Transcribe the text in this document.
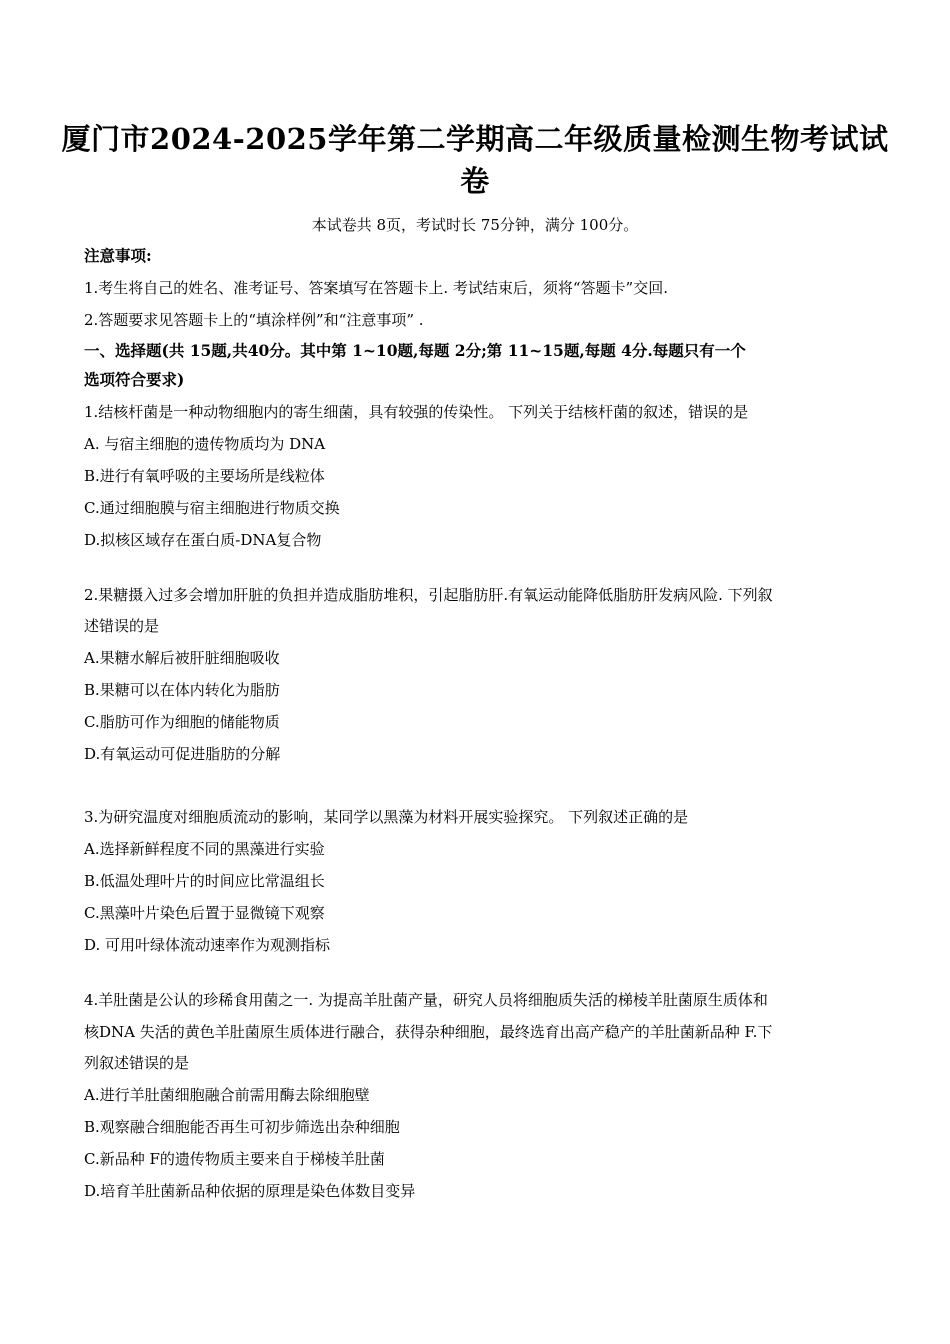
厦门市2024-2025学年第二学期高二年级质量检测生物考试试
卷
本试卷共 8页，考试时长 75分钟，满分 100分。
注意事项:
1.考生将自己的姓名、准考证号、答案填写在答题卡上. 考试结束后，须将“答题卡”交回.
2.答题要求见答题卡上的“填涂样例”和“注意事项” .
一、选择题(共 15题,共40分。其中第 1~10题,每题 2分;第 11~15题,每题 4分.每题只有一个
选项符合要求)
1.结核杆菌是一种动物细胞内的寄生细菌，具有较强的传染性。 下列关于结核杆菌的叙述，错误的是
A. 与宿主细胞的遗传物质均为 DNA
B.进行有氧呼吸的主要场所是线粒体
C.通过细胞膜与宿主细胞进行物质交换
D.拟核区域存在蛋白质-DNA复合物
2.果糖摄入过多会增加肝脏的负担并造成脂肪堆积，引起脂肪肝.有氧运动能降低脂肪肝发病风险. 下列叙
述错误的是
A.果糖水解后被肝脏细胞吸收
B.果糖可以在体内转化为脂肪
C.脂肪可作为细胞的储能物质
D.有氧运动可促进脂肪的分解
3.为研究温度对细胞质流动的影响，某同学以黑藻为材料开展实验探究。 下列叙述正确的是
A.选择新鲜程度不同的黑藻进行实验
B.低温处理叶片的时间应比常温组长
C.黑藻叶片染色后置于显微镜下观察
D. 可用叶绿体流动速率作为观测指标
4.羊肚菌是公认的珍稀食用菌之一. 为提高羊肚菌产量，研究人员将细胞质失活的梯棱羊肚菌原生质体和
核DNA 失活的黄色羊肚菌原生质体进行融合，获得杂种细胞，最终选育出高产稳产的羊肚菌新品种 F.下
列叙述错误的是
A.进行羊肚菌细胞融合前需用酶去除细胞壁
B.观察融合细胞能否再生可初步筛选出杂种细胞
C.新品种 F的遗传物质主要来自于梯棱羊肚菌
D.培育羊肚菌新品种依据的原理是染色体数目变异
